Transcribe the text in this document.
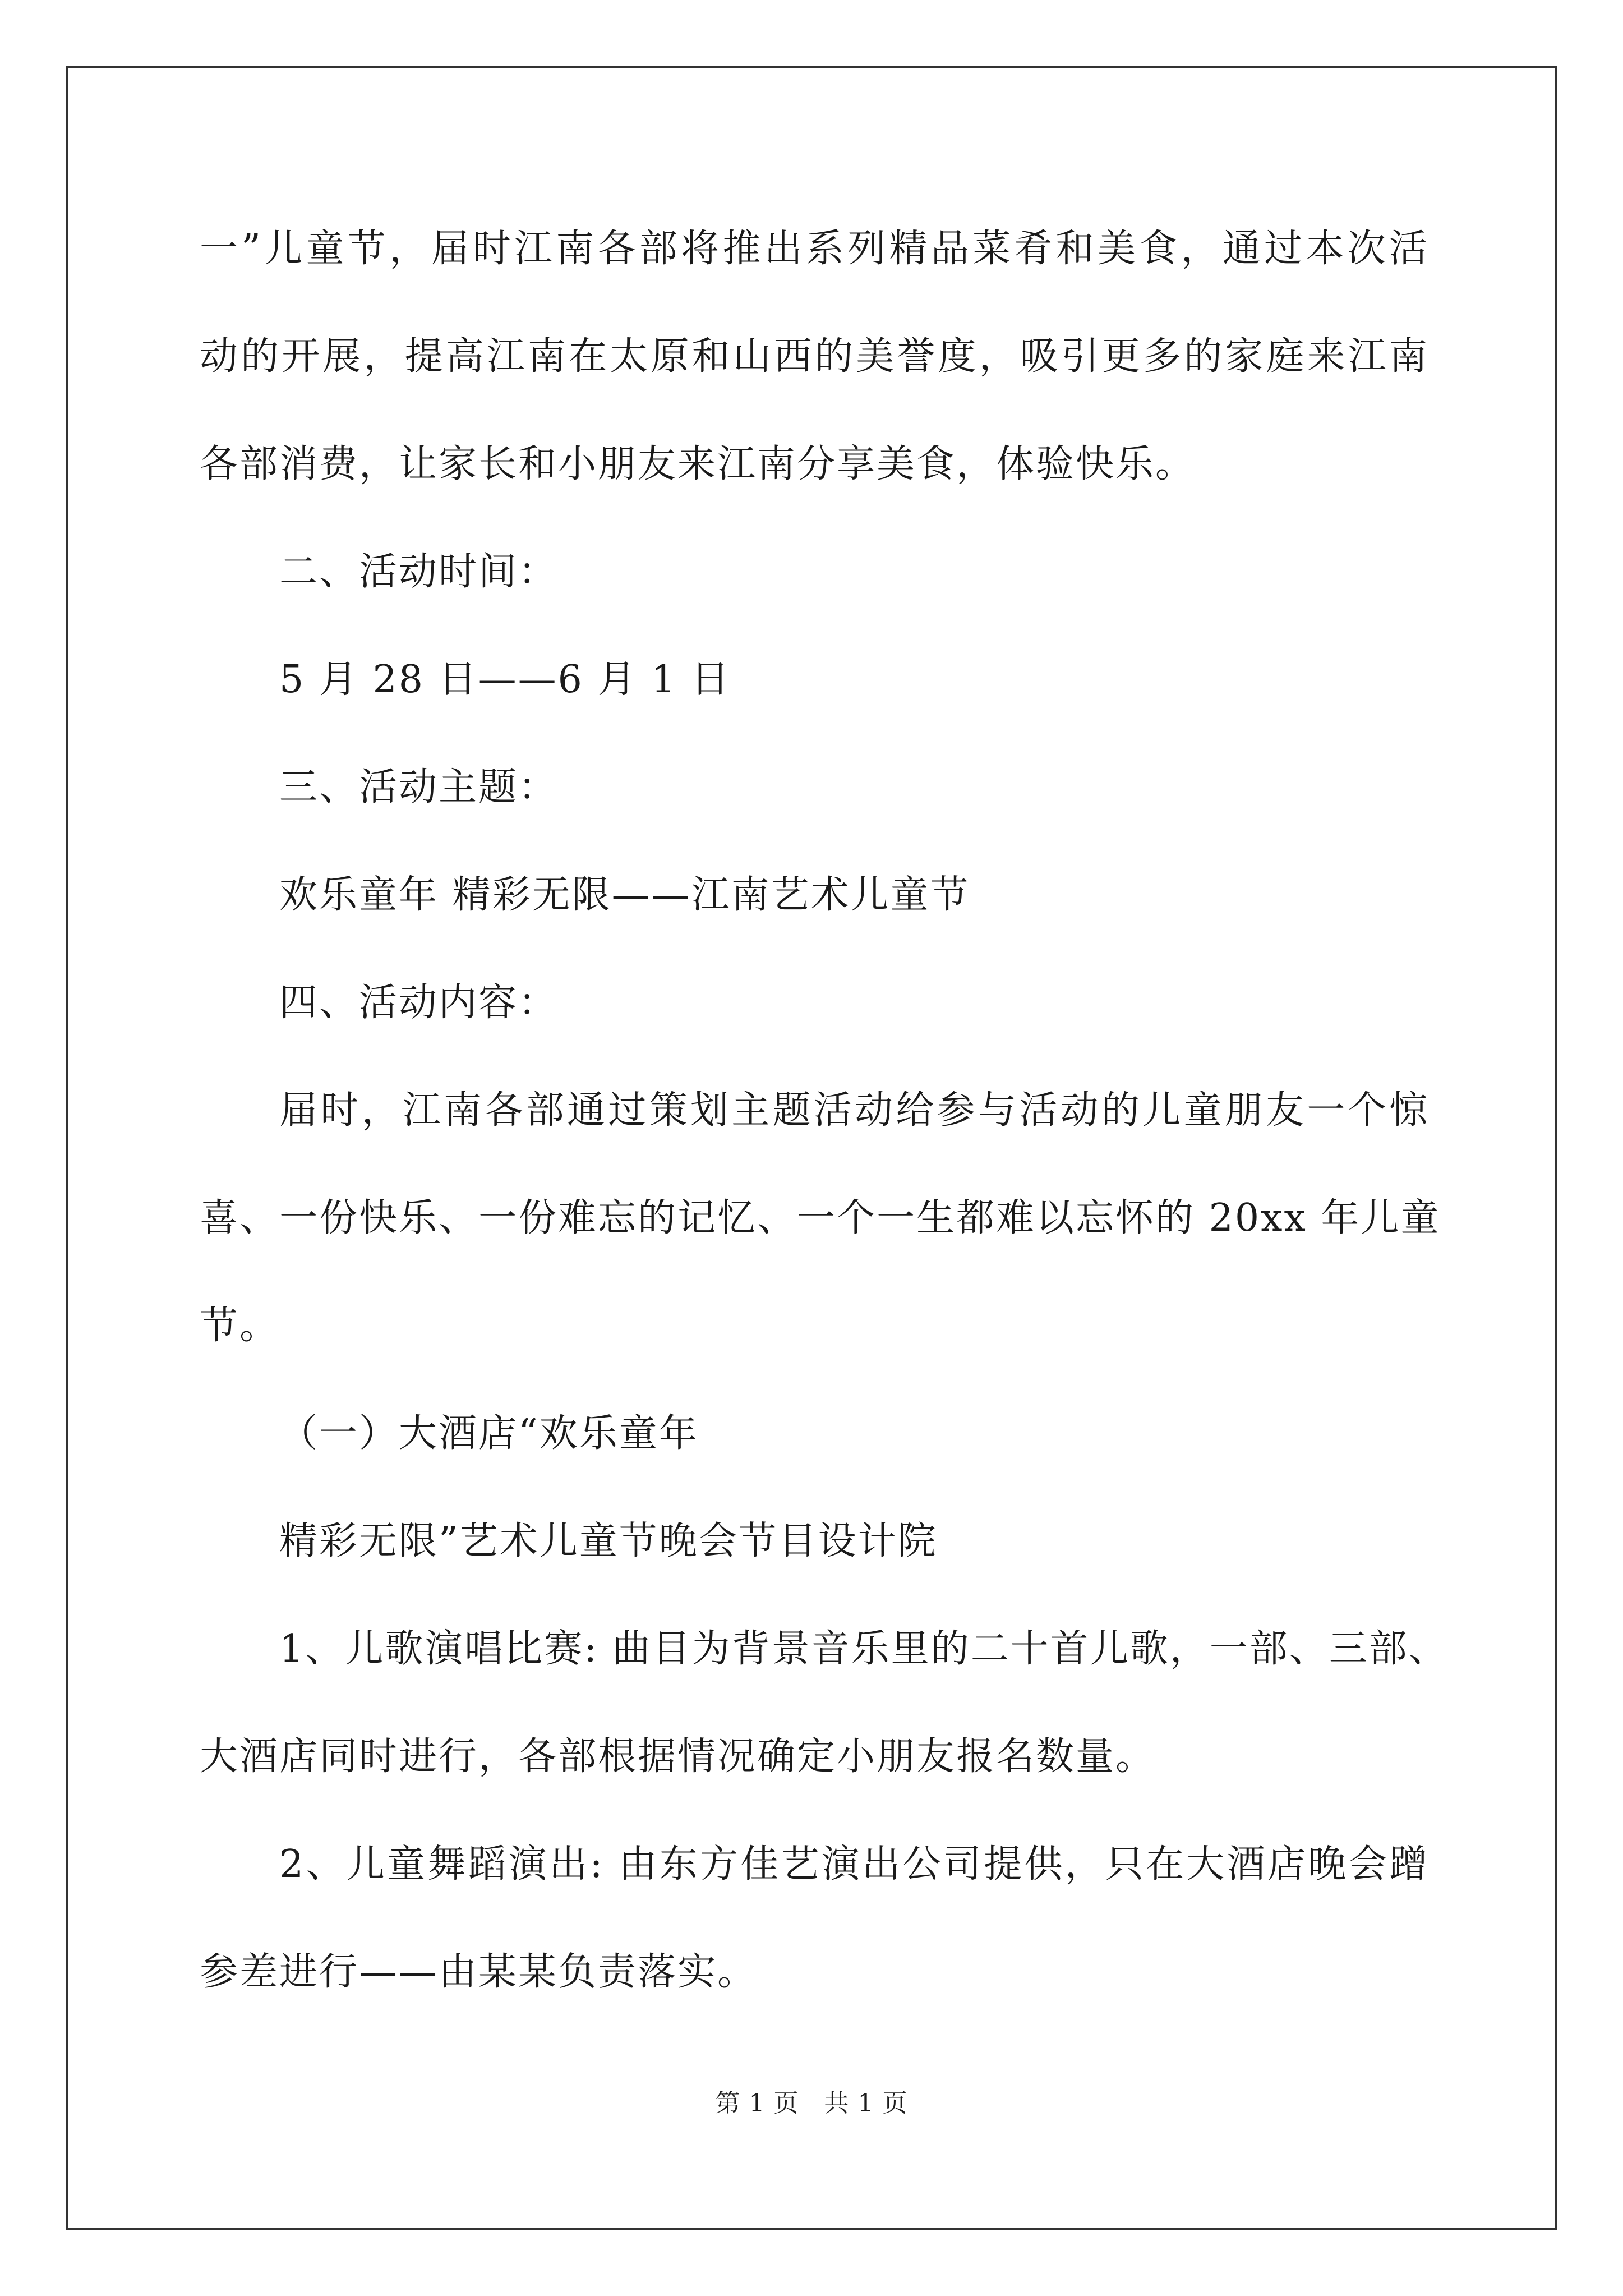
一”儿童节，届时江南各部将推出系列精品菜肴和美食，通过本次活
动的开展，提高江南在太原和山西的美誉度，吸引更多的家庭来江南
各部消费，让家长和小朋友来江南分享美食，体验快乐。
二、活动时间：
5 月 28 日——6 月 1 日
三、活动主题：
欢乐童年 精彩无限——江南艺术儿童节
四、活动内容：
届时，江南各部通过策划主题活动给参与活动的儿童朋友一个惊
喜、一份快乐、一份难忘的记忆、一个一生都难以忘怀的 20xx 年儿童
节。
（一）大酒店“欢乐童年
精彩无限”艺术儿童节晚会节目设计院
1、儿歌演唱比赛: 曲目为背景音乐里的二十首儿歌，一部、三部、
大酒店同时进行，各部根据情况确定小朋友报名数量。
2、儿童舞蹈演出: 由东方佳艺演出公司提供，只在大酒店晚会蹭
参差进行——由某某负责落实。
第 1 页　共 1 页
